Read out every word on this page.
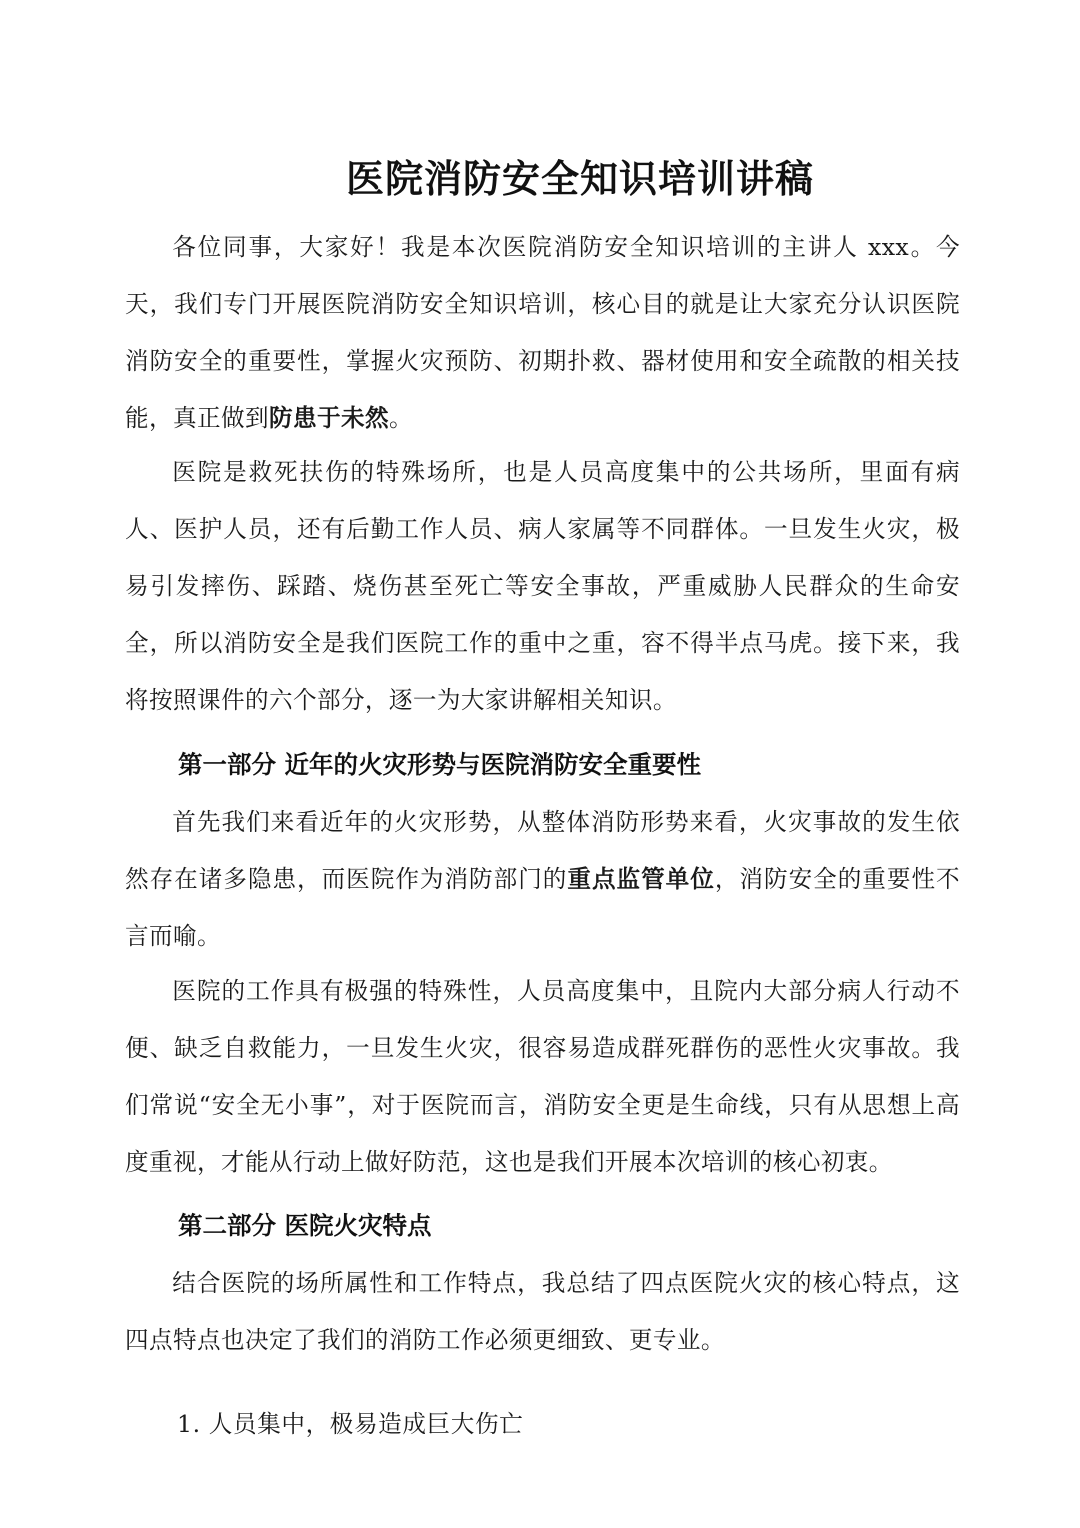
医院消防安全知识培训讲稿

各位同事，大家好！我是本次医院消防安全知识培训的主讲人 xxx。今天，我们专门开展医院消防安全知识培训，核心目的就是让大家充分认识医院消防安全的重要性，掌握火灾预防、初期扑救、器材使用和安全疏散的相关技能，真正做到防患于未然。

医院是救死扶伤的特殊场所，也是人员高度集中的公共场所，里面有病人、医护人员，还有后勤工作人员、病人家属等不同群体。一旦发生火灾，极易引发摔伤、踩踏、烧伤甚至死亡等安全事故，严重威胁人民群众的生命安全，所以消防安全是我们医院工作的重中之重，容不得半点马虎。接下来，我将按照课件的六个部分，逐一为大家讲解相关知识。

第一部分 近年的火灾形势与医院消防安全重要性

首先我们来看近年的火灾形势，从整体消防形势来看，火灾事故的发生依然存在诸多隐患，而医院作为消防部门的重点监管单位，消防安全的重要性不言而喻。

医院的工作具有极强的特殊性，人员高度集中，且院内大部分病人行动不便、缺乏自救能力，一旦发生火灾，很容易造成群死群伤的恶性火灾事故。我们常说“安全无小事”，对于医院而言，消防安全更是生命线，只有从思想上高度重视，才能从行动上做好防范，这也是我们开展本次培训的核心初衷。

第二部分 医院火灾特点

结合医院的场所属性和工作特点，我总结了四点医院火灾的核心特点，这四点特点也决定了我们的消防工作必须更细致、更专业。

1. 人员集中，极易造成巨大伤亡
